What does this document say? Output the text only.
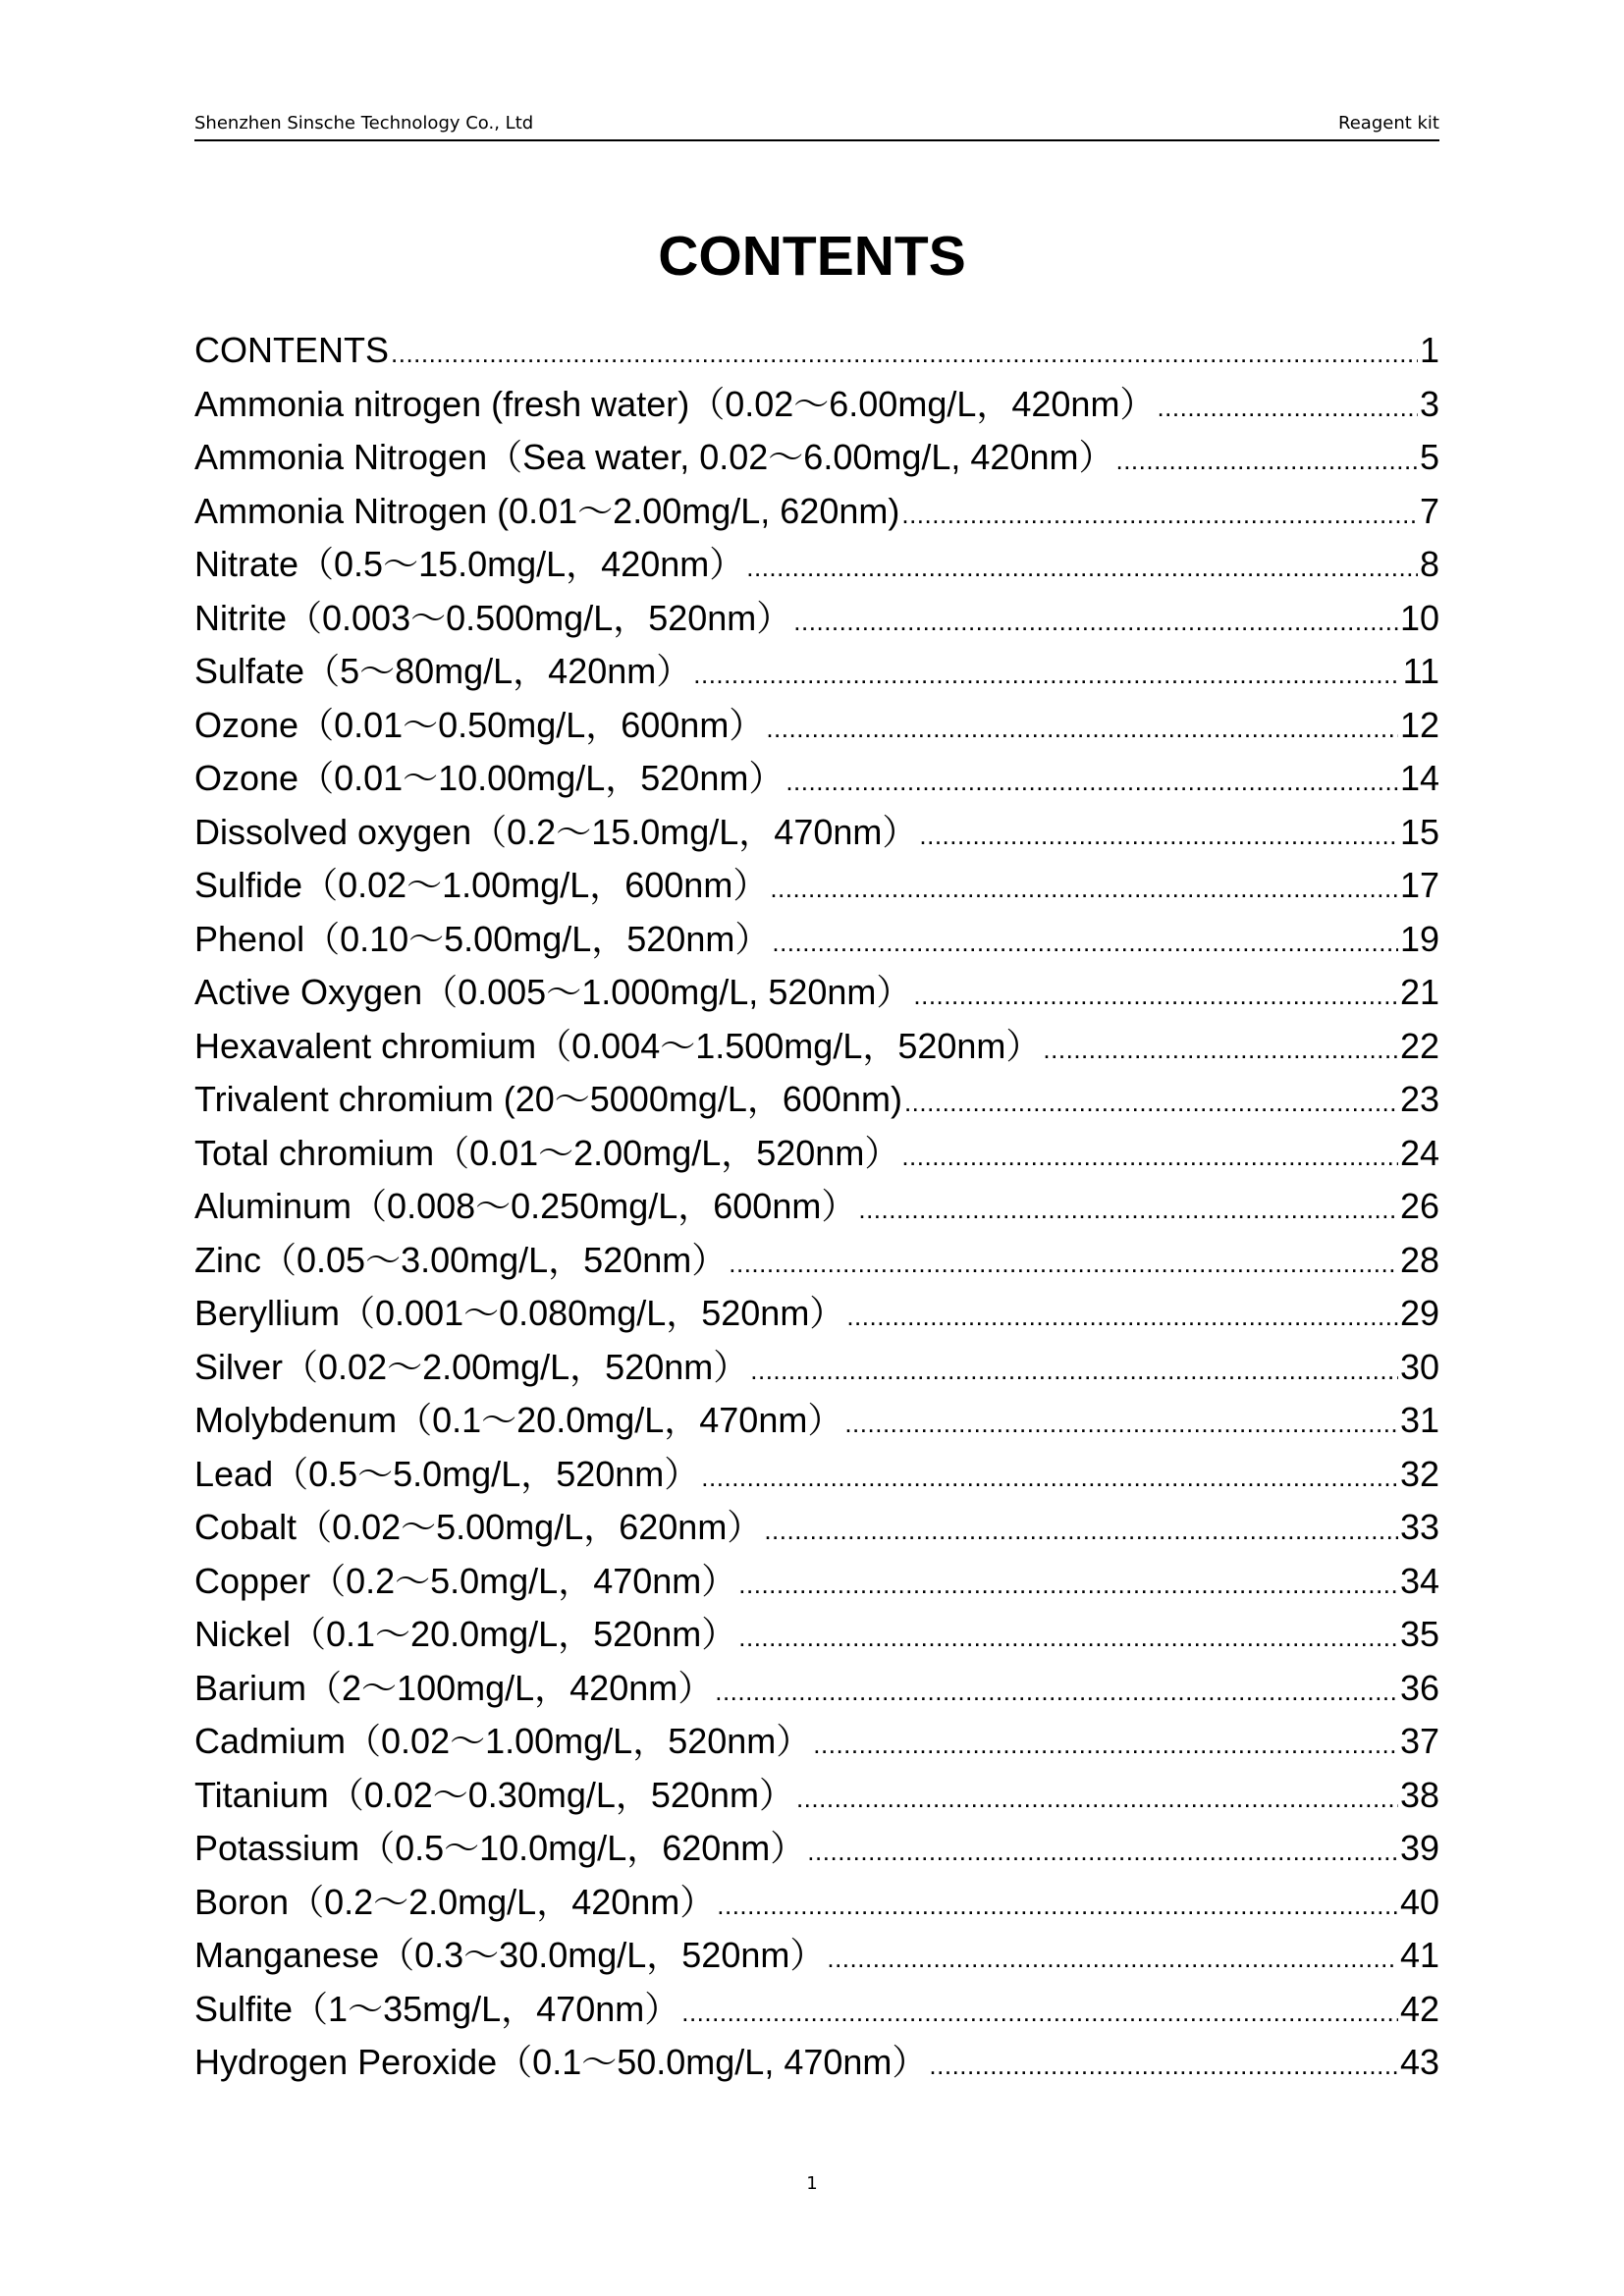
Shenzhen Sinsche Technology Co., Ltd	Reagent kit
CONTENTS
CONTENTS .....	1
Ammonia nitrogen (fresh water)（0.02～6.00mg/L，420nm） .....	3
Ammonia Nitrogen（Sea water, 0.02～6.00mg/L, 420nm） .....	5
Ammonia Nitrogen (0.01～2.00mg/L, 620nm) .....	7
Nitrate（0.5～15.0mg/L，420nm） .....	8
Nitrite（0.003～0.500mg/L，520nm） .....	10
Sulfate（5～80mg/L，420nm） .....	11
Ozone（0.01～0.50mg/L，600nm） .....	12
Ozone（0.01～10.00mg/L，520nm） .....	14
Dissolved oxygen（0.2～15.0mg/L，470nm） .....	15
Sulfide（0.02～1.00mg/L，600nm） .....	17
Phenol（0.10～5.00mg/L，520nm） .....	19
Active Oxygen（0.005～1.000mg/L, 520nm） .....	21
Hexavalent chromium（0.004～1.500mg/L，520nm） .....	22
Trivalent chromium (20～5000mg/L，600nm) .....	23
Total chromium（0.01～2.00mg/L，520nm） .....	24
Aluminum（0.008～0.250mg/L，600nm） .....	26
Zinc（0.05～3.00mg/L，520nm） .....	28
Beryllium（0.001～0.080mg/L，520nm） .....	29
Silver（0.02～2.00mg/L，520nm） .....	30
Molybdenum（0.1～20.0mg/L，470nm） .....	31
Lead（0.5～5.0mg/L，520nm） .....	32
Cobalt（0.02～5.00mg/L，620nm） .....	33
Copper（0.2～5.0mg/L，470nm） .....	34
Nickel（0.1～20.0mg/L，520nm） .....	35
Barium（2～100mg/L，420nm） .....	36
Cadmium（0.02～1.00mg/L，520nm） .....	37
Titanium（0.02～0.30mg/L，520nm） .....	38
Potassium（0.5～10.0mg/L，620nm） .....	39
Boron（0.2～2.0mg/L，420nm） .....	40
Manganese（0.3～30.0mg/L，520nm） .....	41
Sulfite（1～35mg/L，470nm） .....	42
Hydrogen Peroxide（0.1～50.0mg/L, 470nm） .....	43
1
